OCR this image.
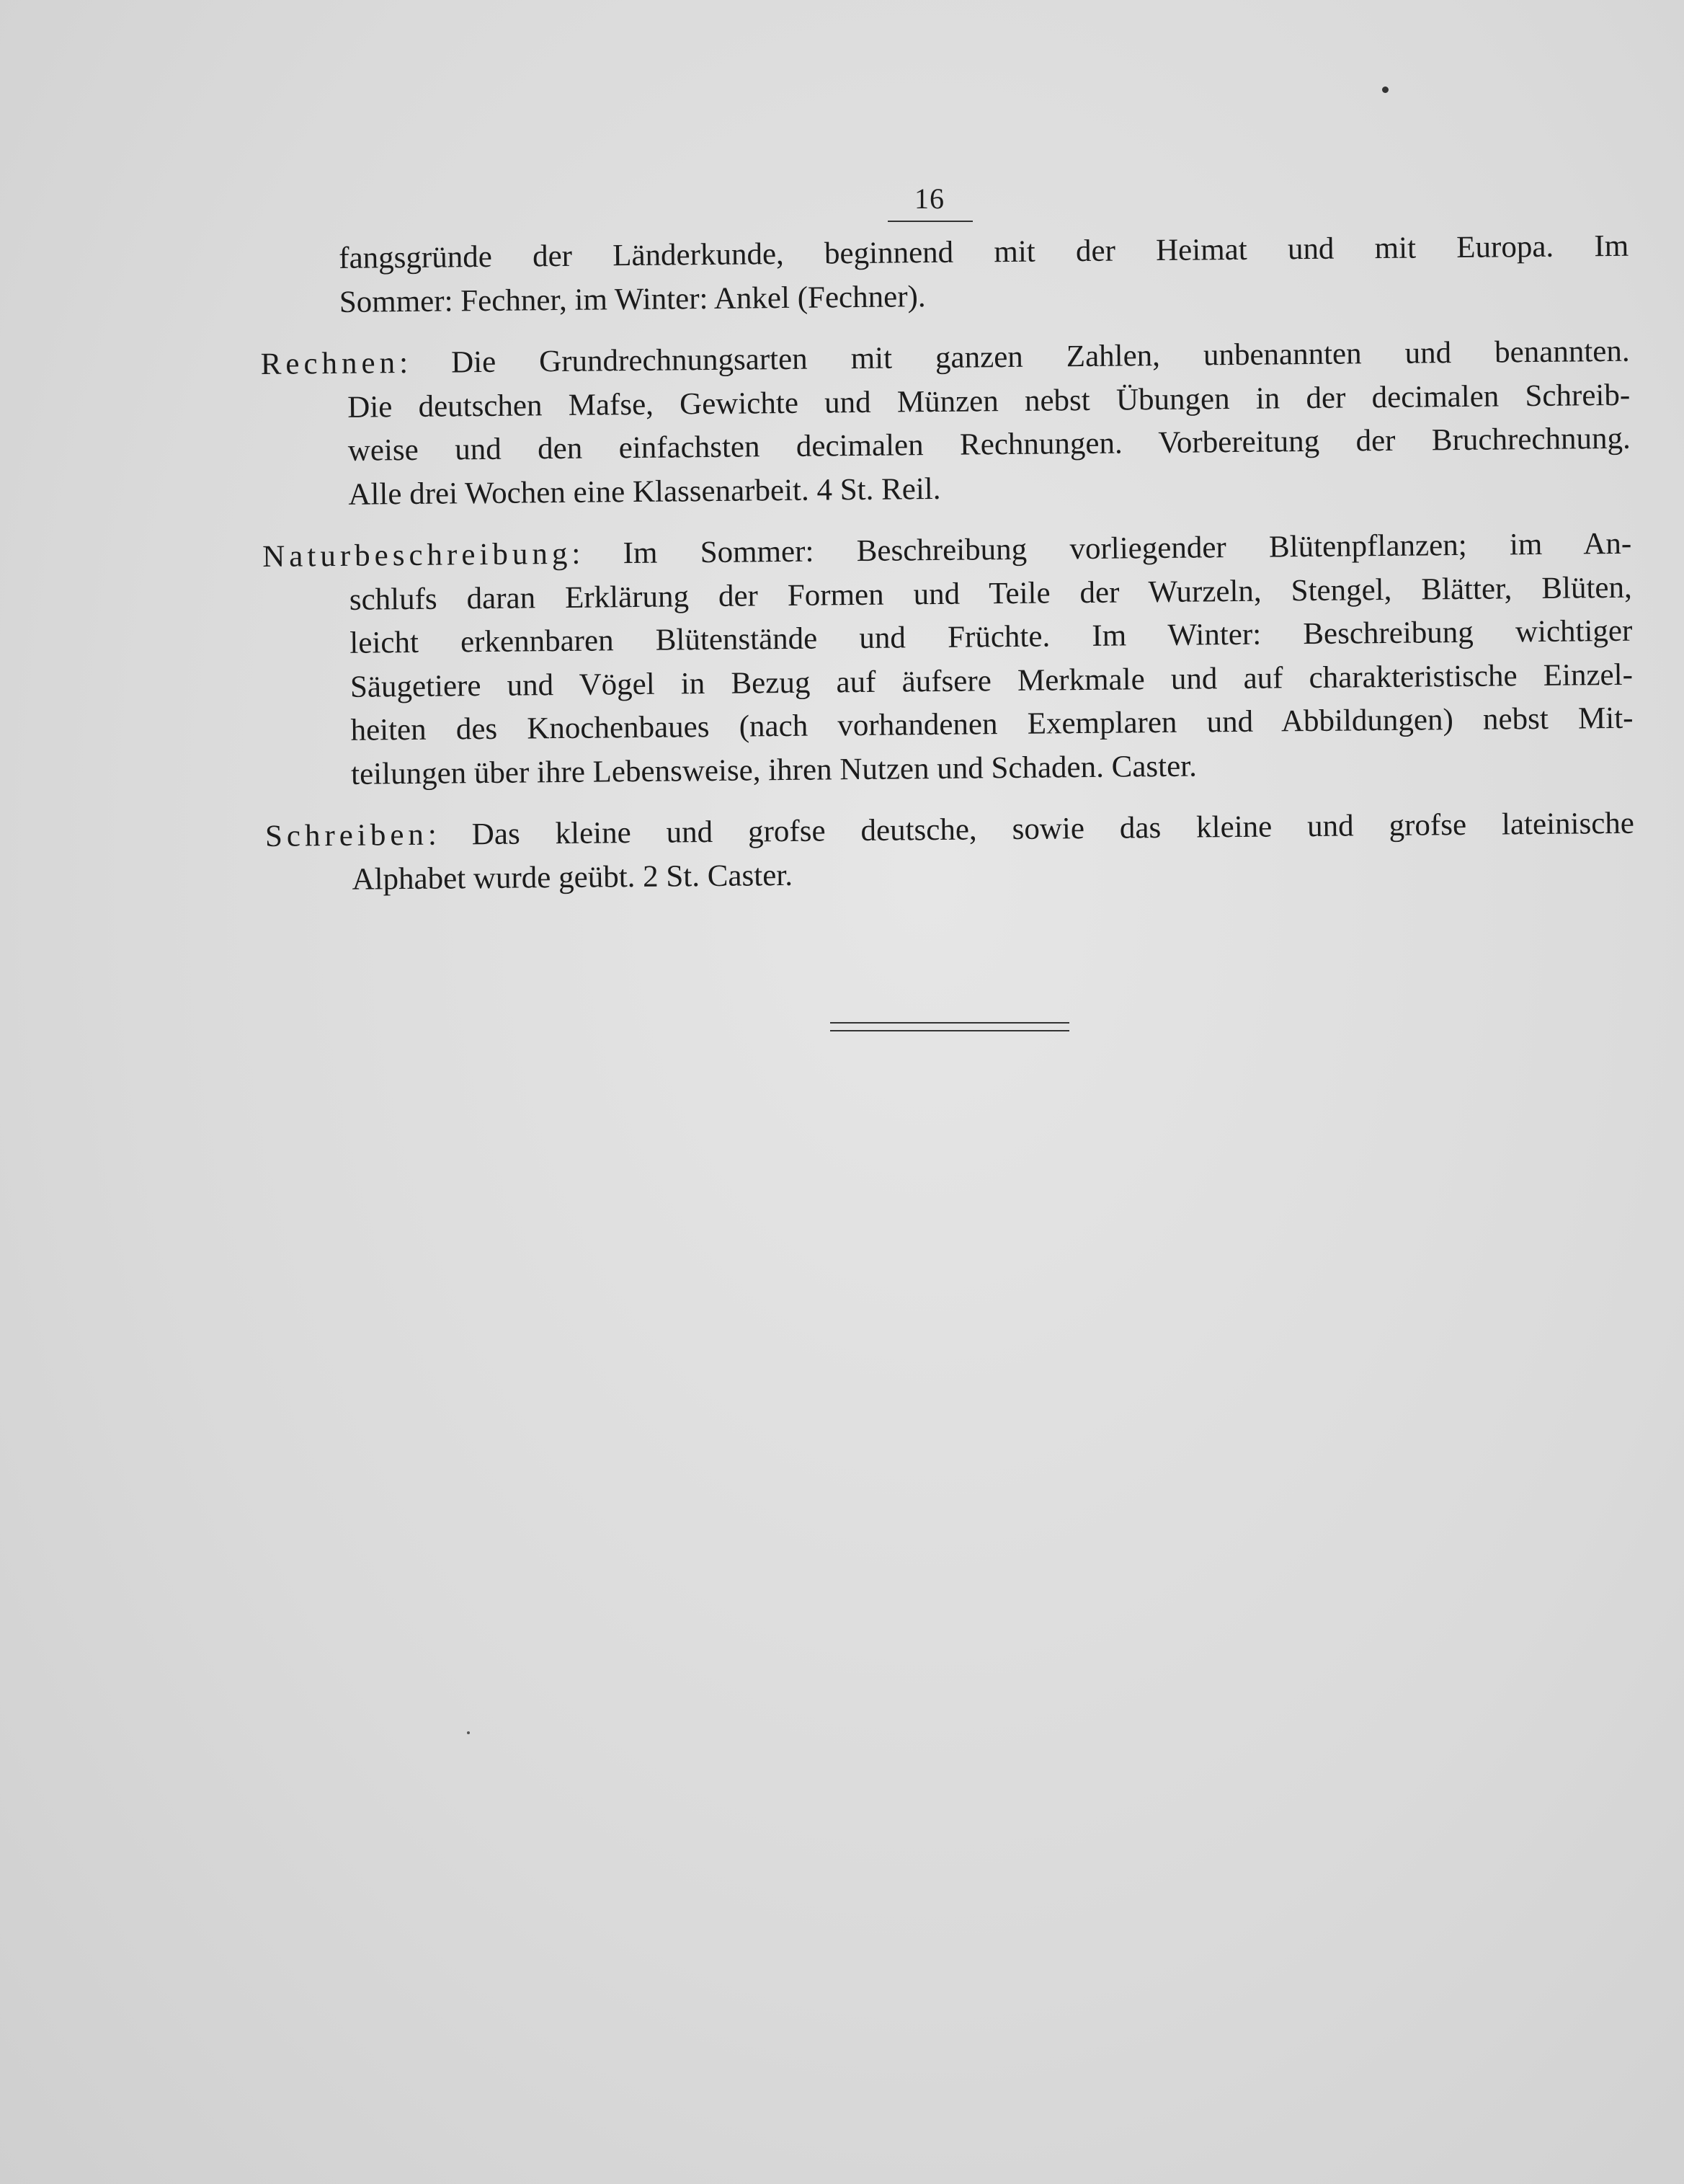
16

fangsgründe der Länderkunde, beginnend mit der Heimat und mit Europa. Im
Sommer: Fechner, im Winter: Ankel (Fechner).

Rechnen: Die Grundrechnungsarten mit ganzen Zahlen, unbenannten und benannten.
Die deutschen Mafse, Gewichte und Münzen nebst Übungen in der decimalen Schreib-
weise und den einfachsten decimalen Rechnungen. Vorbereitung der Bruchrechnung.
Alle drei Wochen eine Klassenarbeit. 4 St. Reil.

Naturbeschreibung: Im Sommer: Beschreibung vorliegender Blütenpflanzen; im An-
schlufs daran Erklärung der Formen und Teile der Wurzeln, Stengel, Blätter, Blüten,
leicht erkennbaren Blütenstände und Früchte. Im Winter: Beschreibung wichtiger
Säugetiere und Vögel in Bezug auf äufsere Merkmale und auf charakteristische Einzel-
heiten des Knochenbaues (nach vorhandenen Exemplaren und Abbildungen) nebst Mit-
teilungen über ihre Lebensweise, ihren Nutzen und Schaden. Caster.

Schreiben: Das kleine und grofse deutsche, sowie das kleine und grofse lateinische
Alphabet wurde geübt. 2 St. Caster.
